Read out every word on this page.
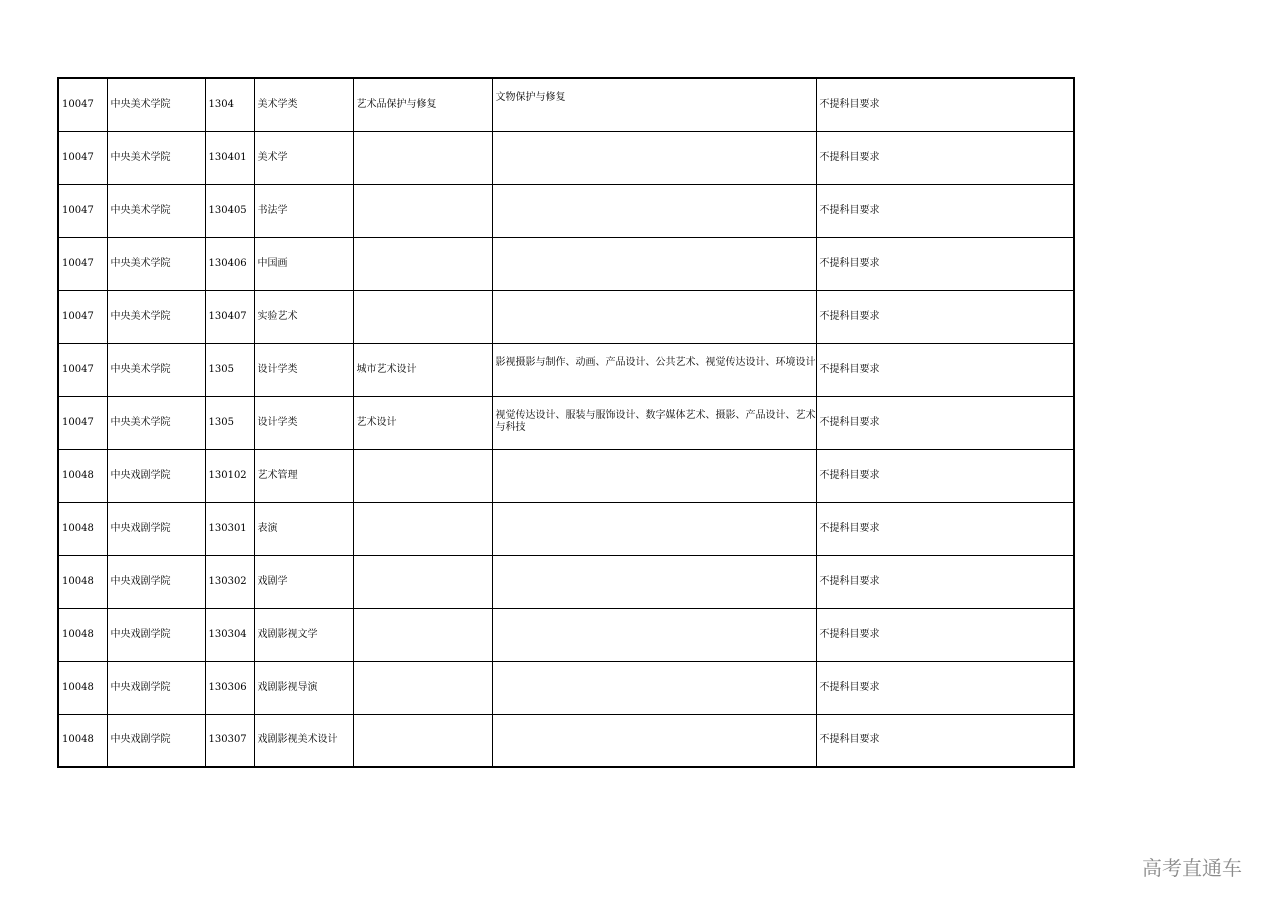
10047	中央美术学院	1304	美术学类	艺术品保护与修复	文物保护与修复	不提科目要求
10047	中央美术学院	130401	美术学			不提科目要求
10047	中央美术学院	130405	书法学			不提科目要求
10047	中央美术学院	130406	中国画			不提科目要求
10047	中央美术学院	130407	实验艺术			不提科目要求
10047	中央美术学院	1305	设计学类	城市艺术设计	影视摄影与制作、动画、产品设计、公共艺术、视觉传达设计、环境设计	不提科目要求
10047	中央美术学院	1305	设计学类	艺术设计	视觉传达设计、服装与服饰设计、数字媒体艺术、摄影、产品设计、艺术与科技	不提科目要求
10048	中央戏剧学院	130102	艺术管理			不提科目要求
10048	中央戏剧学院	130301	表演			不提科目要求
10048	中央戏剧学院	130302	戏剧学			不提科目要求
10048	中央戏剧学院	130304	戏剧影视文学			不提科目要求
10048	中央戏剧学院	130306	戏剧影视导演			不提科目要求
10048	中央戏剧学院	130307	戏剧影视美术设计			不提科目要求
高考直通车
